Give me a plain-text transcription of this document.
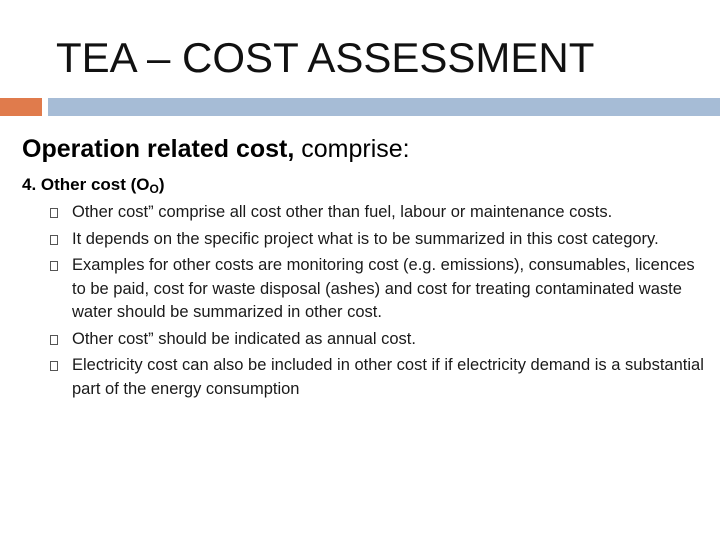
TEA – COST ASSESSMENT
Operation related cost, comprise:
4. Other cost $(O_O)$
Other cost” comprise all cost other than fuel, labour or maintenance costs.
It depends on the specific project what is to be summarized in this cost category.
Examples for other costs are monitoring cost (e.g. emissions), consumables, licences to be paid, cost for waste disposal (ashes) and cost for treating contaminated waste water should be summarized in other cost.
Other cost” should be indicated as annual cost.
Electricity cost can also be included in other cost if if electricity demand is a substantial part of the energy consumption
